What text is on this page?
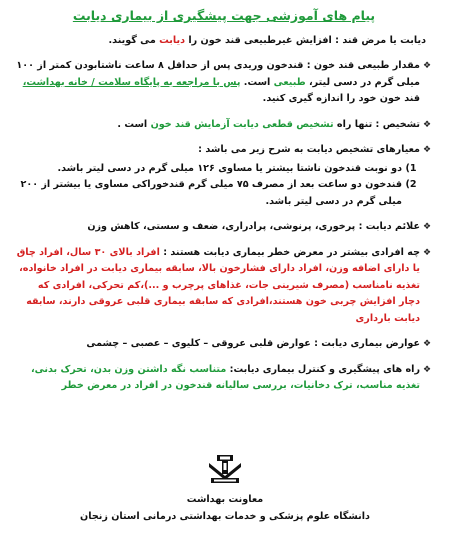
پیام های آموزشی جهت پیشگیری از بیماری دیابت
دیابت یا مرض قند : افزایش غیرطبیعی قند خون را دیابت می گویند.
❖
مقدار طبیعی قند خون : قندخون وریدی پس از حداقل ۸ ساعت ناشتابودن کمتر از ۱۰۰ میلی گرم در دسی لیتر، طبیعی است. پس با مراجعه به پایگاه سلامت / خانه بهداشت، قند خون خود را اندازه گیری کنید.
❖
تشخیص : تنها راه تشخیص قطعی دیابت آزمایش قند خون است .
❖
معیارهای تشخیص دیابت به شرح زیر می باشد :
1)
دو نوبت قندخون ناشتا بیشتر یا مساوی ۱۲۶ میلی گرم در دسی لیتر باشد.
2)
قندخون دو ساعت بعد از مصرف ۷۵ میلی گرم قندخوراکی مساوی یا بیشتر از ۲۰۰ میلی گرم در دسی لیتر باشد.
❖
علائم دیابت : پرخوری، پرنوشی، پرادراری، ضعف و سستی، کاهش وزن
❖
چه افرادی بیشتر در معرض خطر بیماری دیابت هستند : افراد بالای ۳۰ سال، افراد چاق یا دارای اضافه وزن، افراد دارای فشارخون بالا، سابقه بیماری دیابت در افراد خانواده، تغذیه نامناسب (مصرف شیرینی جات، غذاهای پرچرب و ...)،کم تحرکی، افرادی که دچار افزایش چربی خون هستند،افرادی که سابقه بیماری قلبی عروقی دارند، سابقه دیابت بارداری
❖
عوارض بیماری دیابت : عوارض قلبی عروقی – کلیوی – عصبی – چشمی
❖
راه های پیشگیری و کنترل بیماری دیابت: متناسب نگه داشتن وزن بدن، تحرک بدنی، تغذیه مناسب، ترک دخانیات، بررسی سالیانه قندخون در افراد در معرض خطر
معاونت بهداشت
دانشگاه علوم پزشکی و خدمات بهداشتی درمانی استان زنجان
